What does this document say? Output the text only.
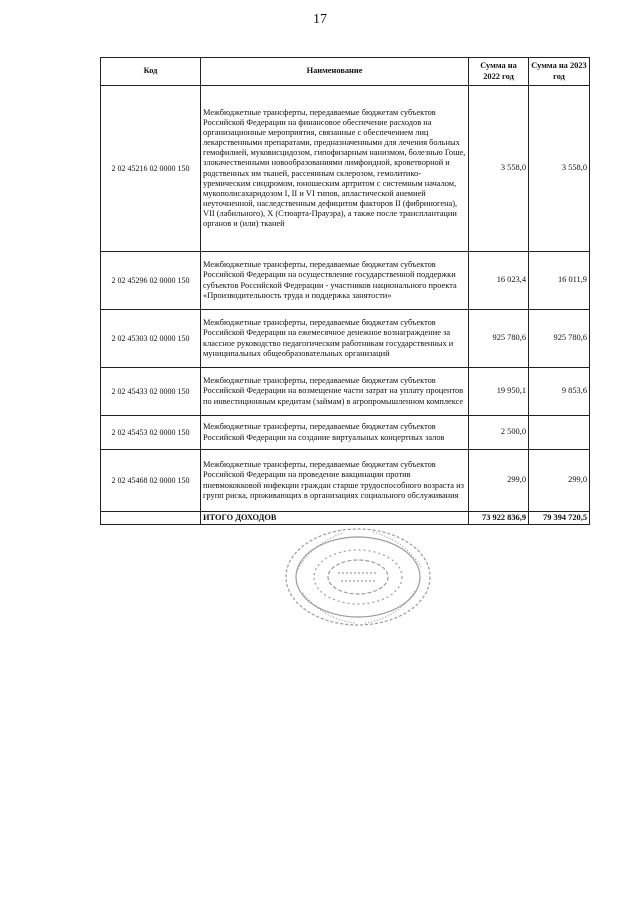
17
Код	Наименование	Сумма на 2022 год	Сумма на 2023 год
2 02 45216 02 0000 150	Межбюджетные трансферты, передаваемые бюджетам субъектов Российской Федерации на финансовое обеспечение расходов на организационные мероприятия, связанные с обеспечением лиц лекарственными препаратами, предназначенными для лечения больных гемофилией, муковисцидозом, гипофизарным нанизмом, болезнью Гоше, злокачественными новообразованиями лимфоидной, кроветворной и родственных им тканей, рассеянным склерозом, гемолитико-уремическим синдромом, юношеским артритом с системным началом, мукополисахаридозом I, II и VI типов, апластической анемией неуточненной, наследственным дефицитом факторов II (фибриногена), VII (лабильного), X (Стюарта-Прауэра), а также после трансплантации органов и (или) тканей	3 558,0	3 558,0
2 02 45296 02 0000 150	Межбюджетные трансферты, передаваемые бюджетам субъектов Российской Федерации на осуществление государственной поддержки субъектов Российской Федерации - участников национального проекта «Производительность труда и поддержка занятости»	16 023,4	16 011,9
2 02 45303 02 0000 150	Межбюджетные трансферты, передаваемые бюджетам субъектов Российской Федерации на ежемесячное денежное вознаграждение за классное руководство педагогическим работникам государственных и муниципальных общеобразовательных организаций	925 780,6	925 780,6
2 02 45433 02 0000 150	Межбюджетные трансферты, передаваемые бюджетам субъектов Российской Федерации на возмещение части затрат на уплату процентов по инвестиционным кредитам (займам) в агропромышленном комплексе	19 950,1	9 853,6
2 02 45453 02 0000 150	Межбюджетные трансферты, передаваемые бюджетам субъектов Российской Федерации на создание виртуальных концертных залов	2 500,0	
2 02 45468 02 0000 150	Межбюджетные трансферты, передаваемые бюджетам субъектов Российской Федерации на проведение вакцинации против пневмококковой инфекции граждан старше трудоспособного возраста из групп риска, проживающих в организациях социального обслуживания	299,0	299,0
	ИТОГО ДОХОДОВ	73 922 836,9	79 394 720,5
